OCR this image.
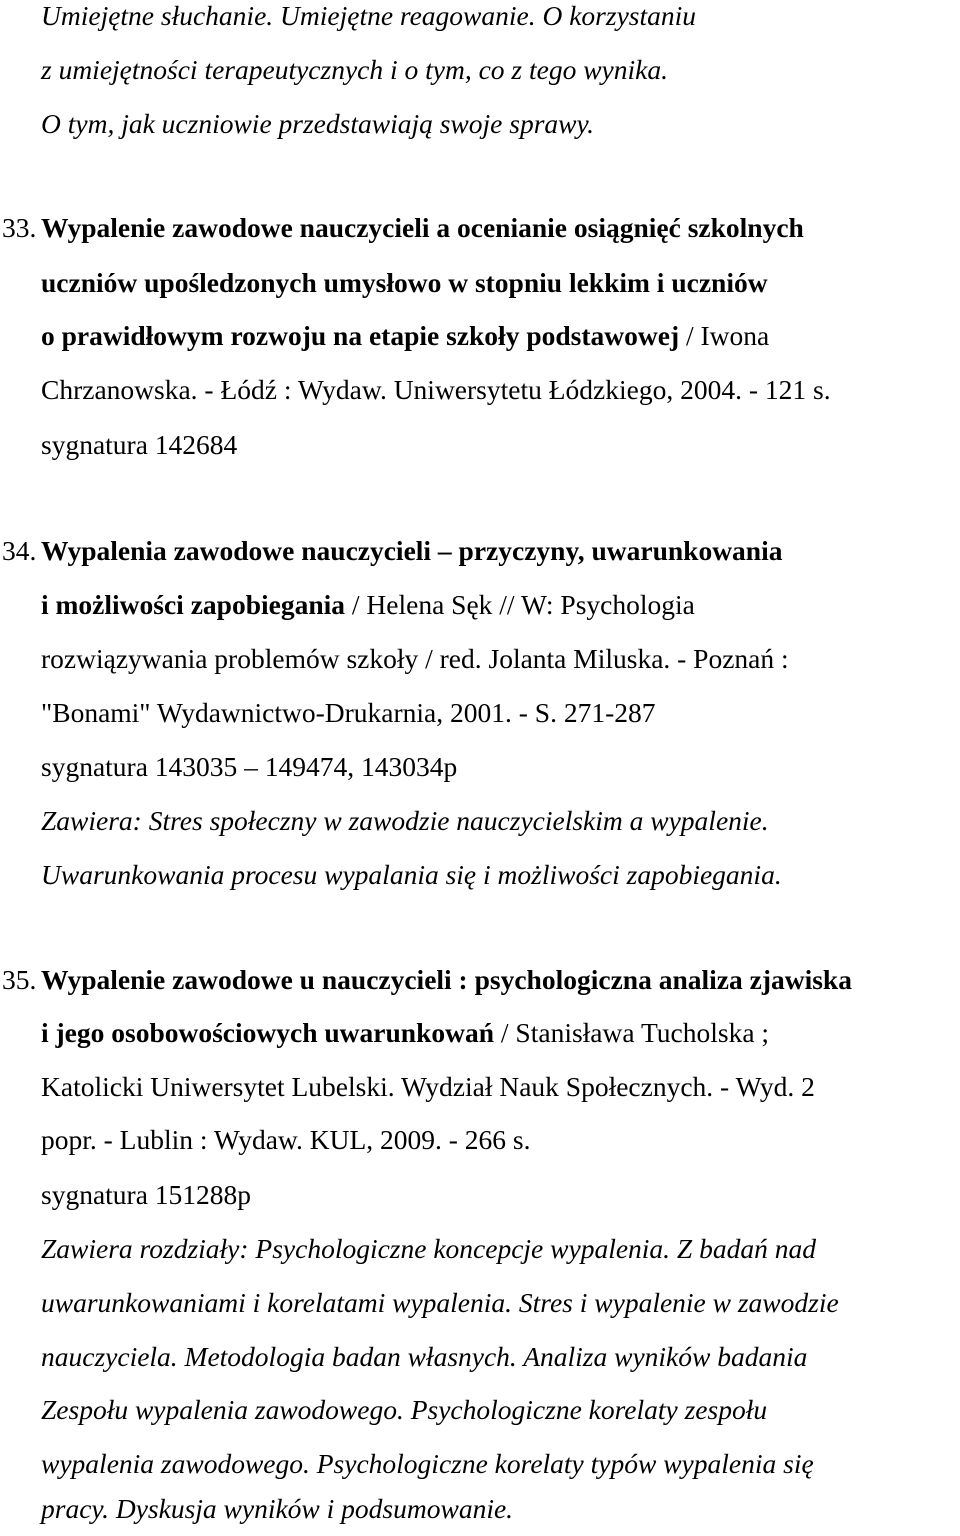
Umiejętne słuchanie. Umiejętne reagowanie. O korzystaniu
z umiejętności terapeutycznych i o tym, co z tego wynika.
O tym, jak uczniowie przedstawiają swoje sprawy.
33. Wypalenie zawodowe nauczycieli a ocenianie osiągnięć szkolnych
uczniów upośledzonych umysłowo w stopniu lekkim i uczniów
o prawidłowym rozwoju na etapie szkoły podstawowej / Iwona
Chrzanowska. - Łódź : Wydaw. Uniwersytetu Łódzkiego, 2004. - 121 s.
sygnatura 142684
34. Wypalenia zawodowe nauczycieli – przyczyny, uwarunkowania
i możliwości zapobiegania / Helena Sęk // W: Psychologia
rozwiązywania problemów szkoły / red. Jolanta Miluska. - Poznań :
"Bonami" Wydawnictwo-Drukarnia, 2001. - S. 271-287
sygnatura 143035 – 149474, 143034p
Zawiera: Stres społeczny w zawodzie nauczycielskim a wypalenie.
Uwarunkowania procesu wypalania się i możliwości zapobiegania.
35. Wypalenie zawodowe u nauczycieli : psychologiczna analiza zjawiska
i jego osobowościowych uwarunkowań / Stanisława Tucholska ;
Katolicki Uniwersytet Lubelski. Wydział Nauk Społecznych. - Wyd. 2
popr. - Lublin : Wydaw. KUL, 2009. - 266 s.
sygnatura 151288p
Zawiera rozdziały: Psychologiczne koncepcje wypalenia. Z badań nad
uwarunkowaniami i korelatami wypalenia. Stres i wypalenie w zawodzie
nauczyciela. Metodologia badan własnych. Analiza wyników badania
Zespołu wypalenia zawodowego. Psychologiczne korelaty zespołu
wypalenia zawodowego. Psychologiczne korelaty typów wypalenia się
pracy. Dyskusja wyników i podsumowanie.
